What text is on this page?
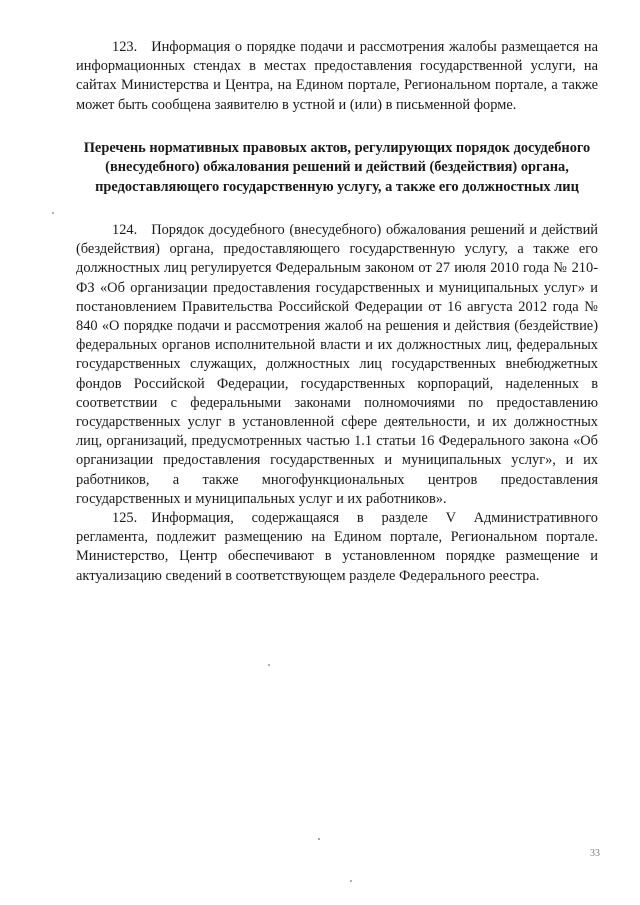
123. Информация о порядке подачи и рассмотрения жалобы размещается на информационных стендах в местах предоставления государственной услуги, на сайтах Министерства и Центра, на Едином портале, Региональном портале, а также может быть сообщена заявителю в устной и (или) в письменной форме.

Перечень нормативных правовых актов, регулирующих порядок досудебного (внесудебного) обжалования решений и действий (бездействия) органа, предоставляющего государственную услугу, а также его должностных лиц

124. Порядок досудебного (внесудебного) обжалования решений и действий (бездействия) органа, предоставляющего государственную услугу, а также его должностных лиц регулируется Федеральным законом от 27 июля 2010 года № 210-ФЗ «Об организации предоставления государственных и муниципальных услуг» и постановлением Правительства Российской Федерации от 16 августа 2012 года № 840 «О порядке подачи и рассмотрения жалоб на решения и действия (бездействие) федеральных органов исполнительной власти и их должностных лиц, федеральных государственных служащих, должностных лиц государственных внебюджетных фондов Российской Федерации, государственных корпораций, наделенных в соответствии с федеральными законами полномочиями по предоставлению государственных услуг в установленной сфере деятельности, и их должностных лиц, организаций, предусмотренных частью 1.1 статьи 16 Федерального закона «Об организации предоставления государственных и муниципальных услуг», и их работников, а также многофункциональных центров предоставления государственных и муниципальных услуг и их работников».

125. Информация, содержащаяся в разделе V Административного регламента, подлежит размещению на Едином портале, Региональном портале. Министерство, Центр обеспечивают в установленном порядке размещение и актуализацию сведений в соответствующем разделе Федерального реестра.

33
